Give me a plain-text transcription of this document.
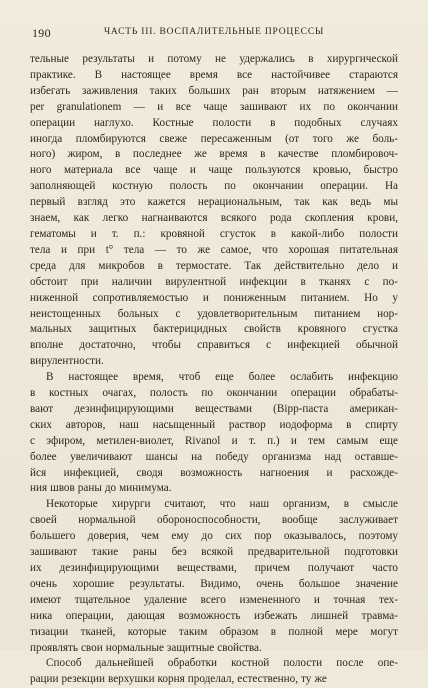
190	ЧАСТЬ III. ВОСПАЛИТЕЛЬНЫЕ ПРОЦЕССЫ
тельные результаты и потому не удержались в хирургической
практике. В настоящее время все настойчивее стараются
избегать заживления таких больших ран вторым натяжением —
per granulationem — и все чаще зашивают их по окончании
операции наглухо. Костные полости в подобных случаях
иногда пломбируются свеже пересаженным (от того же боль-
ного) жиром, в последнее же время в качестве пломбировоч-
ного материала все чаще и чаще пользуются кровью, быстро
заполняющей костную полость по окончании операции. На
первый взгляд это кажется нерациональным, так как ведь мы
знаем, как легко нагнаиваются всякого рода скопления крови,
гематомы и т. п.: кровяной сгусток в какой-либо полости
тела и при t° тела — то же самое, что хорошая питательная
среда для микробов в термостате. Так действительно дело и
обстоит при наличии вирулентной инфекции в тканях с по-
ниженной сопротивляемостью и пониженным питанием. Но у
неистощенных больных с удовлетворительным питанием нор-
мальных защитных бактерицидных свойств кровяного сгустка
вполне достаточно, чтобы справиться с инфекцией обычной
вирулентности.
В настоящее время, чтоб еще более ослабить инфекцию
в костных очагах, полость по окончании операции обрабаты-
вают дезинфицирующими веществами (Bipp-паста американ-
ских авторов, наш насыщенный раствор иодоформа в спирту
с эфиром, метилен-виолет, Rivanol и т. п.) и тем самым еще
более увеличивают шансы на победу организма над оставше-
йся инфекцией, сводя возможность нагноения и расхожде-
ния швов раны до минимума.
Некоторые хирурги считают, что наш организм, в смысле
своей нормальной обороноспособности, вообще заслуживает
большего доверия, чем ему до сих пор оказывалось, поэтому
зашивают такие раны без всякой предварительной подготовки
их дезинфицирующими веществами, причем получают часто
очень хорошие результаты. Видимо, очень большое значение
имеют тщательное удаление всего измененного и точная тех-
ника операции, дающая возможность избежать лишней травма-
тизации тканей, которые таким образом в полной мере могут
проявлять свои нормальные защитные свойства.
Способ дальнейшей обработки костной полости после опе-
рации резекции верхушки корня проделал, естественно, ту же
